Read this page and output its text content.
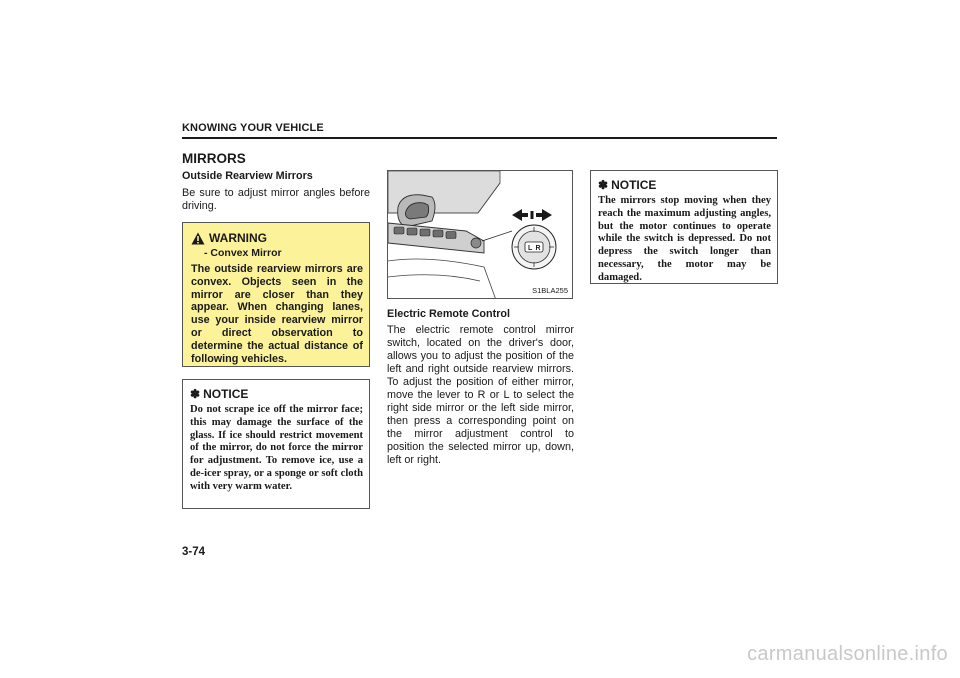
KNOWING YOUR VEHICLE
MIRRORS
Outside Rearview Mirrors
Be sure to adjust mirror angles before driving.
WARNING
- Convex Mirror
The outside rearview mirrors are convex. Objects seen in the mirror are closer than they appear. When changing lanes, use your inside rearview mirror or direct observation to determine the actual distance of following vehicles.
✽ NOTICE
Do not scrape ice off the mirror face; this may damage the surface of the glass. If ice should restrict movement of the mirror, do not force the mirror for adjustment. To remove ice, use a de-icer spray, or a sponge or soft cloth with very warm water.
L R
S1BLA255
Electric Remote Control
The electric remote control mirror switch, located on the driver's door, allows you to adjust the position of the left and right outside rearview mirrors. To adjust the position of either mirror, move the lever to R or L to select the right side mirror or the left side mirror, then press a corresponding point on the mirror adjustment control to position the selected mirror up, down, left or right.
✽ NOTICE
The mirrors stop moving when they reach the maximum adjusting angles, but the motor continues to operate while the switch is depressed. Do not depress the switch longer than necessary, the motor may be damaged.
3-74
carmanualsonline.info
